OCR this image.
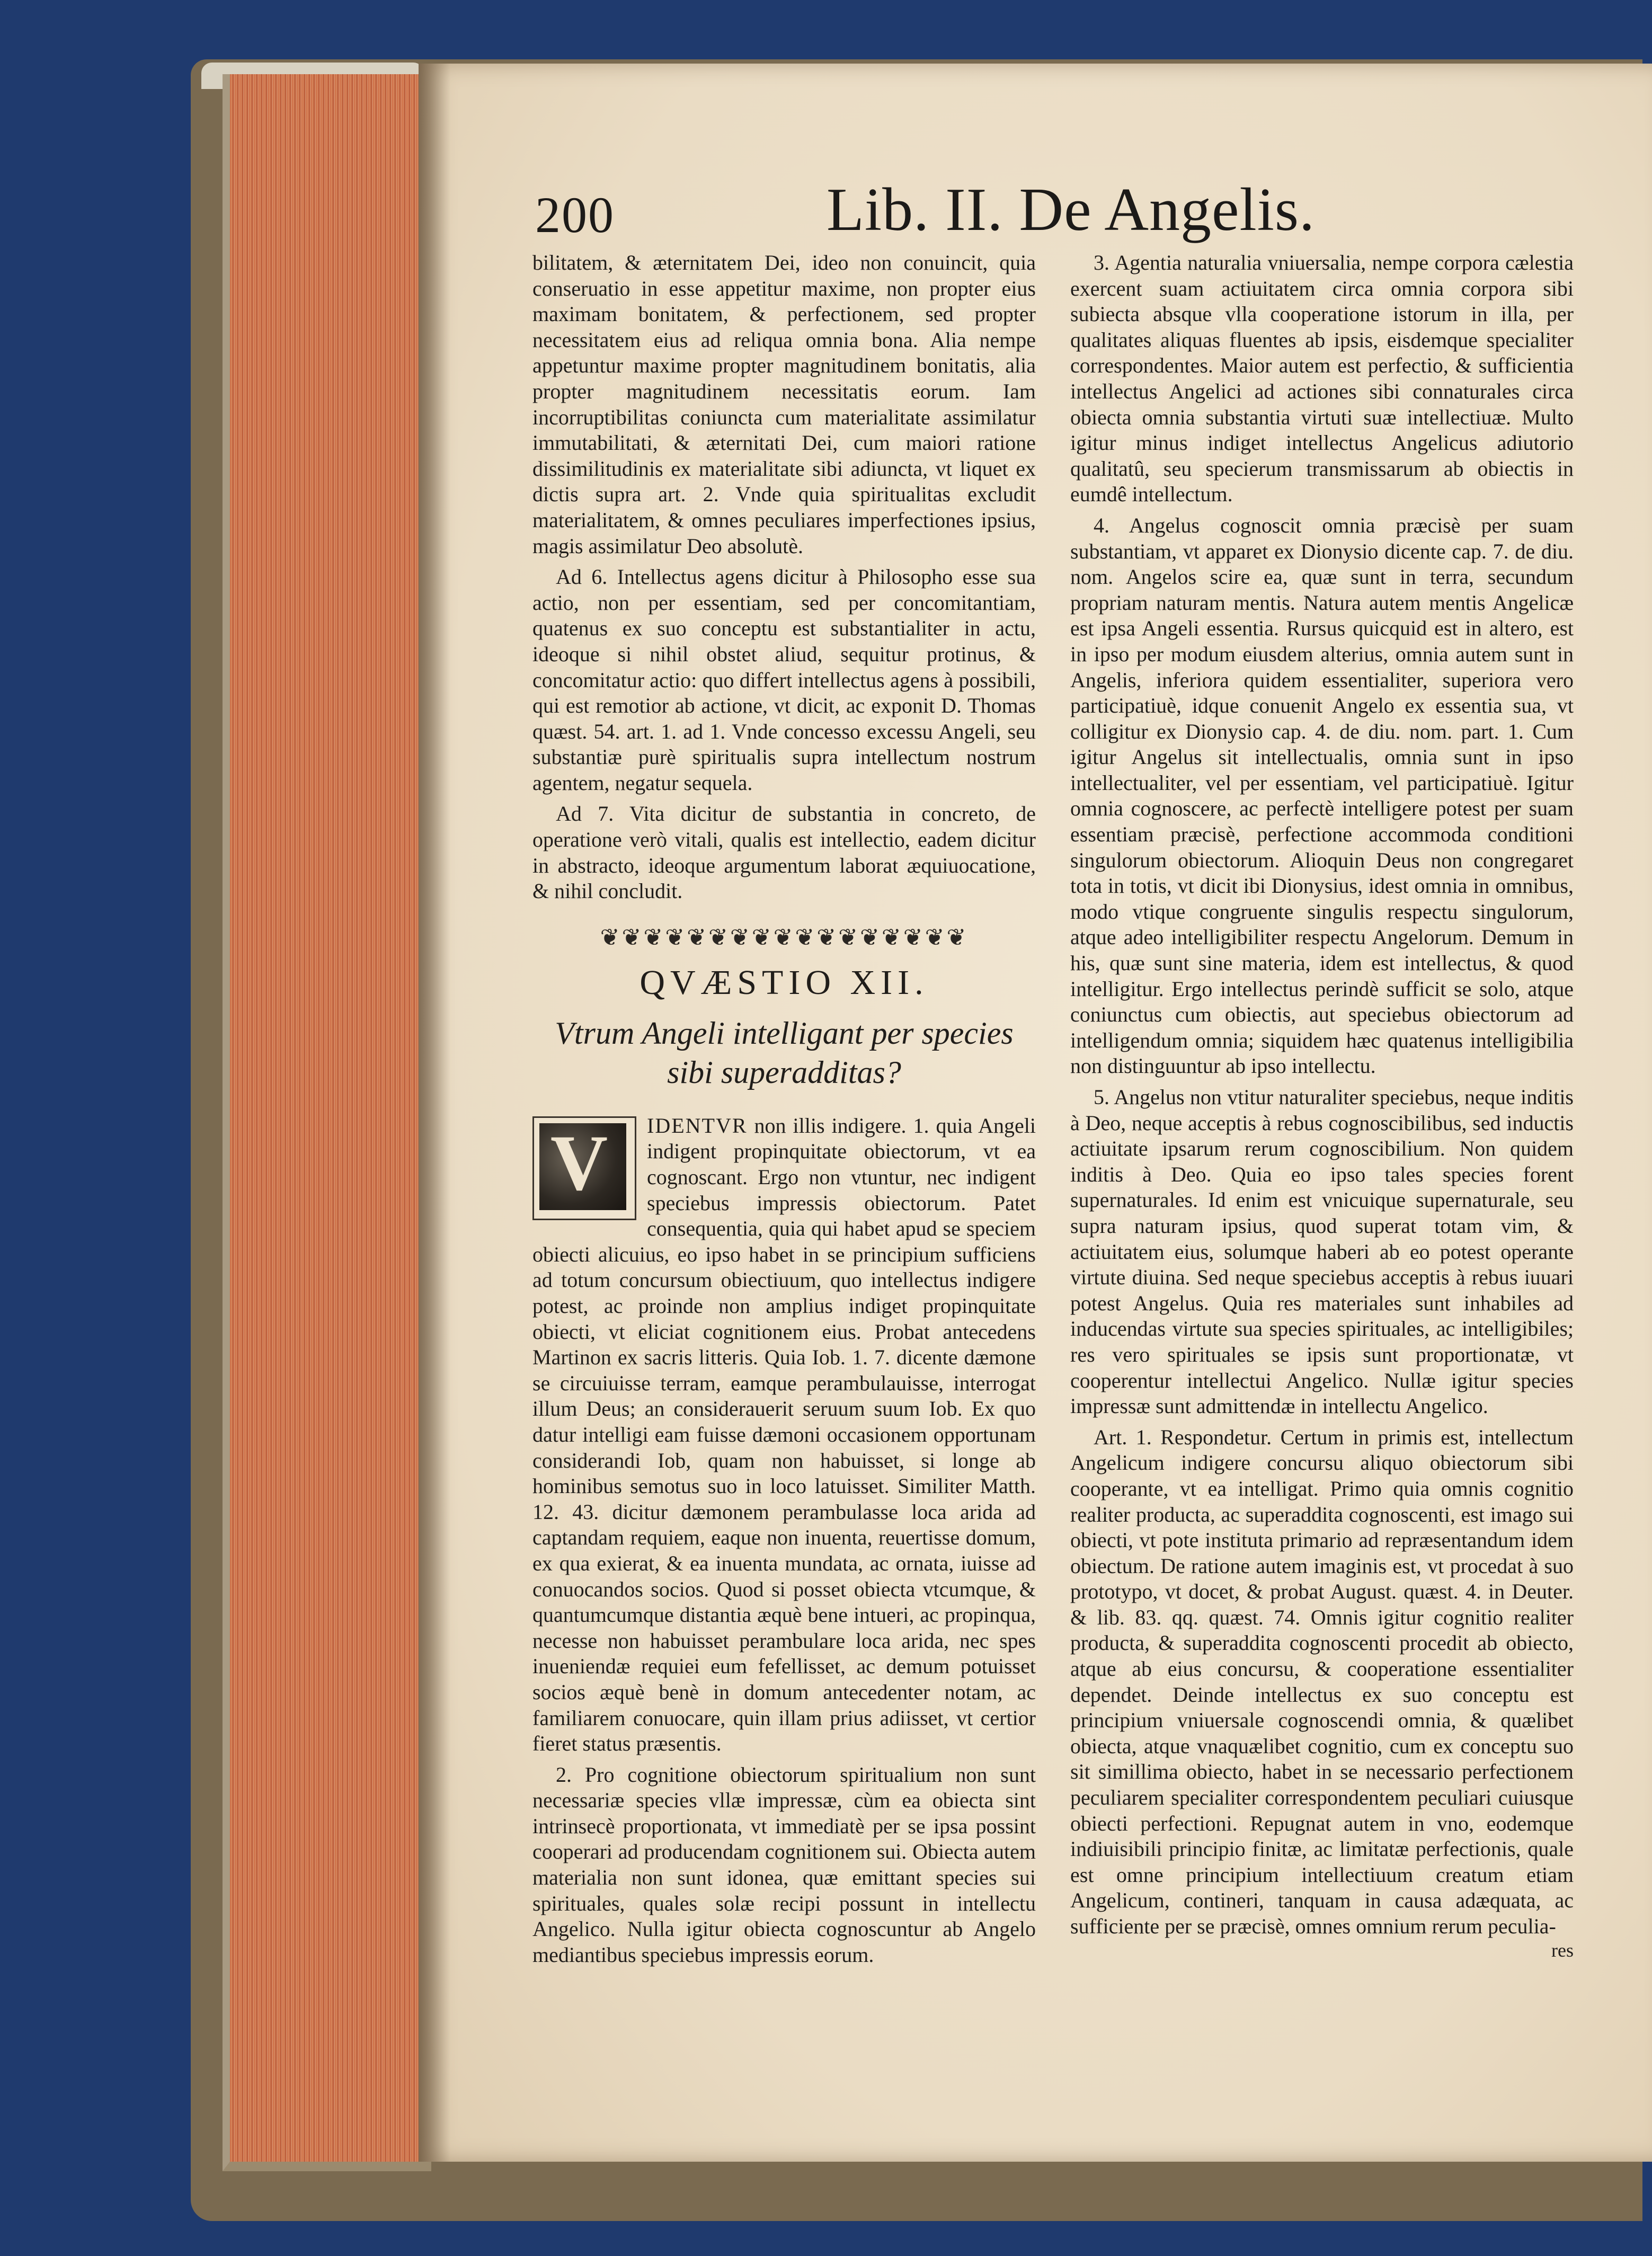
200	Lib. II. De Angelis.

bilitatem, & æternitatem Dei, ideo non conuincit, quia conseruatio in esse appetitur maxime, non propter eius maximam bonitatem, & perfectionem, sed propter necessitatem eius ad reliqua omnia bona. Alia nempe appetuntur maxime propter magnitudinem bonitatis, alia propter magnitudinem necessitatis eorum. Iam incorruptibilitas coniuncta cum materialitate assimilatur immutabilitati, & æternitati Dei, cum maiori ratione dissimilitudinis ex materialitate sibi adiuncta, vt liquet ex dictis supra art. 2. Vnde quia spiritualitas excludit materialitatem, & omnes peculiares imperfectiones ipsius, magis assimilatur Deo absolutè.

Ad 6. Intellectus agens dicitur à Philosopho esse sua actio, non per essentiam, sed per concomitantiam, quatenus ex suo conceptu est substantialiter in actu, ideoque si nihil obstet aliud, sequitur protinus, & concomitatur actio: quo differt intellectus agens à possibili, qui est remotior ab actione, vt dicit, ac exponit D. Thomas quæst. 54. art. 1. ad 1. Vnde concesso excessu Angeli, seu substantiæ purè spiritualis supra intellectum nostrum agentem, negatur sequela.

Ad 7. Vita dicitur de substantia in concreto, de operatione verò vitali, qualis est intellectio, eadem dicitur in abstracto, ideoque argumentum laborat æquiuocatione, & nihil concludit.

❦❦❦❦❦❦❦❦❦❦❦❦❦❦❦❦❦
QVÆSTIO XII.
Vtrum Angeli intelligant per species sibi superadditas?
V	IDENTVR non illis indigere. 1. quia Angeli indigent propinquitate obiectorum, vt ea cognoscant. Ergo non vtuntur, nec indigent speciebus impressis obiectorum. Patet consequentia, quia qui habet apud se speciem obiecti alicuius, eo ipso habet in se principium sufficiens ad totum concursum obiectiuum, quo intellectus indigere potest, ac proinde non amplius indiget propinquitate obiecti, vt eliciat cognitionem eius. Probat antecedens Martinon ex sacris litteris. Quia Iob. 1. 7. dicente dæmone se circuiuisse terram, eamque perambulauisse, interrogat illum Deus; an considerauerit seruum suum Iob. Ex quo datur intelligi eam fuisse dæmoni occasionem opportunam considerandi Iob, quam non habuisset, si longe ab hominibus semotus suo in loco latuisset. Similiter Matth. 12. 43. dicitur dæmonem perambulasse loca arida ad captandam requiem, eaque non inuenta, reuertisse domum, ex qua exierat, & ea inuenta mundata, ac ornata, iuisse ad conuocandos socios. Quod si posset obiecta vtcumque, & quantumcumque distantia æquè bene intueri, ac propinqua, necesse non habuisset perambulare loca arida, nec spes inueniendæ requiei eum fefellisset, ac demum potuisset socios æquè benè in domum antecedenter notam, ac familiarem conuocare, quin illam prius adiisset, vt certior fieret status præsentis.

2. Pro cognitione obiectorum spiritualium non sunt necessariæ species vllæ impressæ, cùm ea obiecta sint intrinsecè proportionata, vt immediatè per se ipsa possint cooperari ad producendam cognitionem sui. Obiecta autem materialia non sunt idonea, quæ emittant species sui spirituales, quales solæ recipi possunt in intellectu Angelico. Nulla igitur obiecta cognoscuntur ab Angelo mediantibus speciebus impressis eorum.

3. Agentia naturalia vniuersalia, nempe corpora cælestia exercent suam actiuitatem circa omnia corpora sibi subiecta absque vlla cooperatione istorum in illa, per qualitates aliquas fluentes ab ipsis, eisdemque specialiter correspondentes. Maior autem est perfectio, & sufficientia intellectus Angelici ad actiones sibi connaturales circa obiecta omnia substantia virtuti suæ intellectiuæ. Multo igitur minus indiget intellectus Angelicus adiutorio qualitatû, seu specierum transmissarum ab obiectis in eumdê intellectum.

4. Angelus cognoscit omnia præcisè per suam substantiam, vt apparet ex Dionysio dicente cap. 7. de diu. nom. Angelos scire ea, quæ sunt in terra, secundum propriam naturam mentis. Natura autem mentis Angelicæ est ipsa Angeli essentia. Rursus quicquid est in altero, est in ipso per modum eiusdem alterius, omnia autem sunt in Angelis, inferiora quidem essentialiter, superiora vero participatiuè, idque conuenit Angelo ex essentia sua, vt colligitur ex Dionysio cap. 4. de diu. nom. part. 1. Cum igitur Angelus sit intellectualis, omnia sunt in ipso intellectualiter, vel per essentiam, vel participatiuè. Igitur omnia cognoscere, ac perfectè intelligere potest per suam essentiam præcisè, perfectione accommoda conditioni singulorum obiectorum. Alioquin Deus non congregaret tota in totis, vt dicit ibi Dionysius, idest omnia in omnibus, modo vtique congruente singulis respectu singulorum, atque adeo intelligibiliter respectu Angelorum. Demum in his, quæ sunt sine materia, idem est intellectus, & quod intelligitur. Ergo intellectus perindè sufficit se solo, atque coniunctus cum obiectis, aut speciebus obiectorum ad intelligendum omnia; siquidem hæc quatenus intelligibilia non distinguuntur ab ipso intellectu.

5. Angelus non vtitur naturaliter speciebus, neque inditis à Deo, neque acceptis à rebus cognoscibilibus, sed inductis actiuitate ipsarum rerum cognoscibilium. Non quidem inditis à Deo. Quia eo ipso tales species forent supernaturales. Id enim est vnicuique supernaturale, seu supra naturam ipsius, quod superat totam vim, & actiuitatem eius, solumque haberi ab eo potest operante virtute diuina. Sed neque speciebus acceptis à rebus iuuari potest Angelus. Quia res materiales sunt inhabiles ad inducendas virtute sua species spirituales, ac intelligibiles; res vero spirituales se ipsis sunt proportionatæ, vt cooperentur intellectui Angelico. Nullæ igitur species impressæ sunt admittendæ in intellectu Angelico.

Art. 1. Respondetur. Certum in primis est, intellectum Angelicum indigere concursu aliquo obiectorum sibi cooperante, vt ea intelligat. Primo quia omnis cognitio realiter producta, ac superaddita cognoscenti, est imago sui obiecti, vt pote instituta primario ad repræsentandum idem obiectum. De ratione autem imaginis est, vt procedat à suo prototypo, vt docet, & probat August. quæst. 4. in Deuter. & lib. 83. qq. quæst. 74. Omnis igitur cognitio realiter producta, & superaddita cognoscenti procedit ab obiecto, atque ab eius concursu, & cooperatione essentialiter dependet. Deinde intellectus ex suo conceptu est principium vniuersale cognoscendi omnia, & quælibet obiecta, atque vnaquælibet cognitio, cum ex conceptu suo sit simillima obiecto, habet in se necessario perfectionem peculiarem specialiter correspondentem peculiari cuiusque obiecti perfectioni. Repugnat autem in vno, eodemque indiuisibili principio finitæ, ac limitatæ perfectionis, quale est omne principium intellectiuum creatum etiam Angelicum, contineri, tanquam in causa adæquata, ac sufficiente per se præcisè, omnes omnium rerum peculia-

res
